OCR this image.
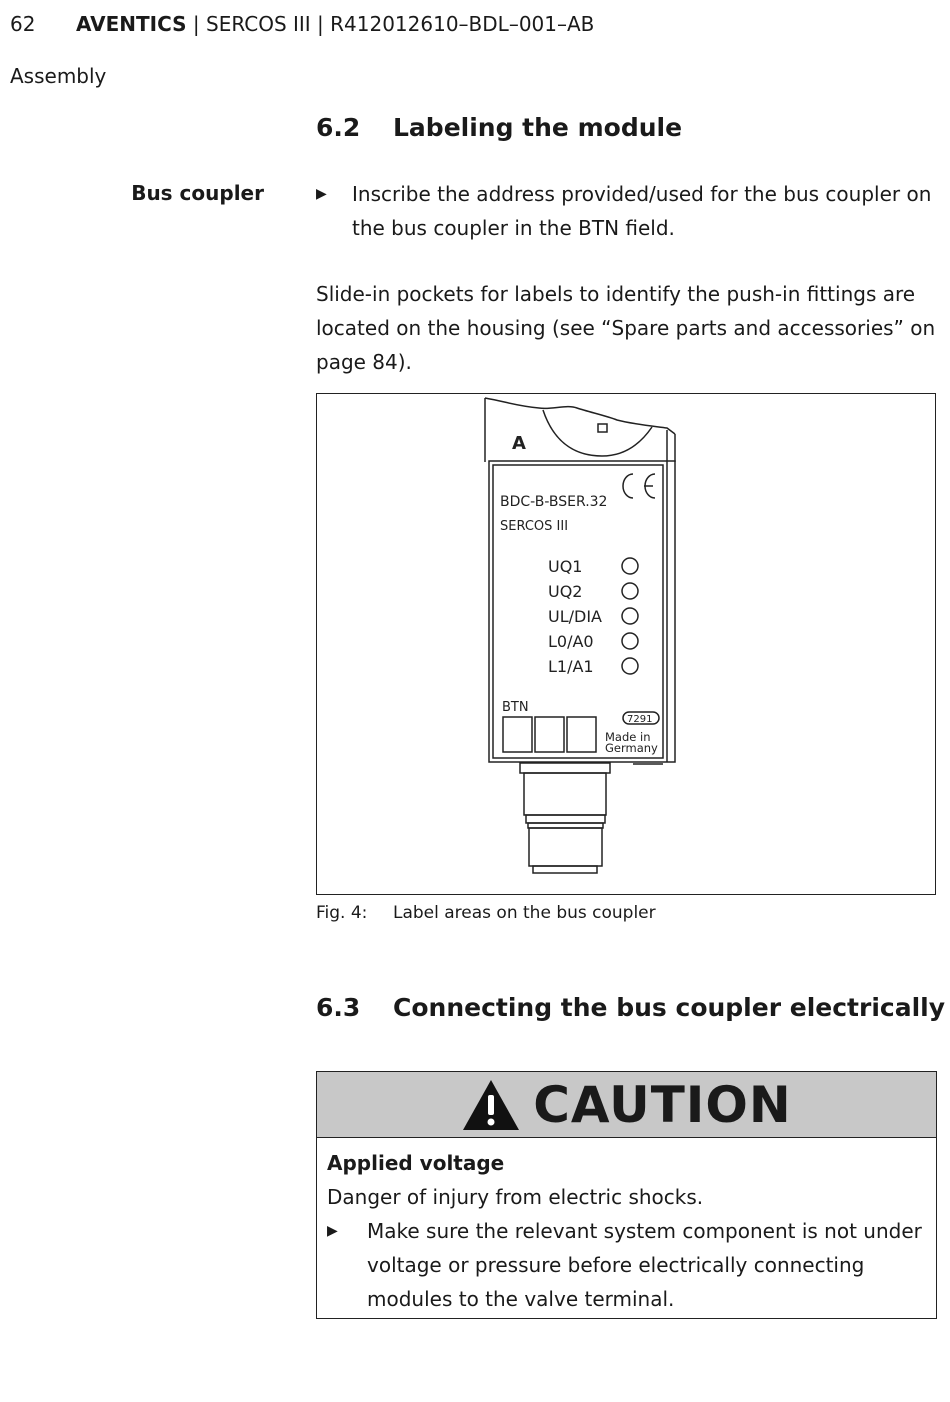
62 AVENTICS | SERCOS III | R412012610–BDL–001–AB
Assembly
6.2 Labeling the module
Bus coupler	▶ Inscribe the address provided/used for the bus coupler on the bus coupler in the BTN field.
Slide-in pockets for labels to identify the push-in fittings are located on the housing (see “Spare parts and accessories” on page 84).
A
BDC-B-BSER.32
SERCOS III
UQ1
UQ2
UL/DIA
L0/A0
L1/A1
BTN
7291
Made in
Germany
Fig. 4: Label areas on the bus coupler
6.3 Connecting the bus coupler electrically
CAUTION
Applied voltage
Danger of injury from electric shocks.
▶ Make sure the relevant system component is not under voltage or pressure before electrically connecting modules to the valve terminal.
